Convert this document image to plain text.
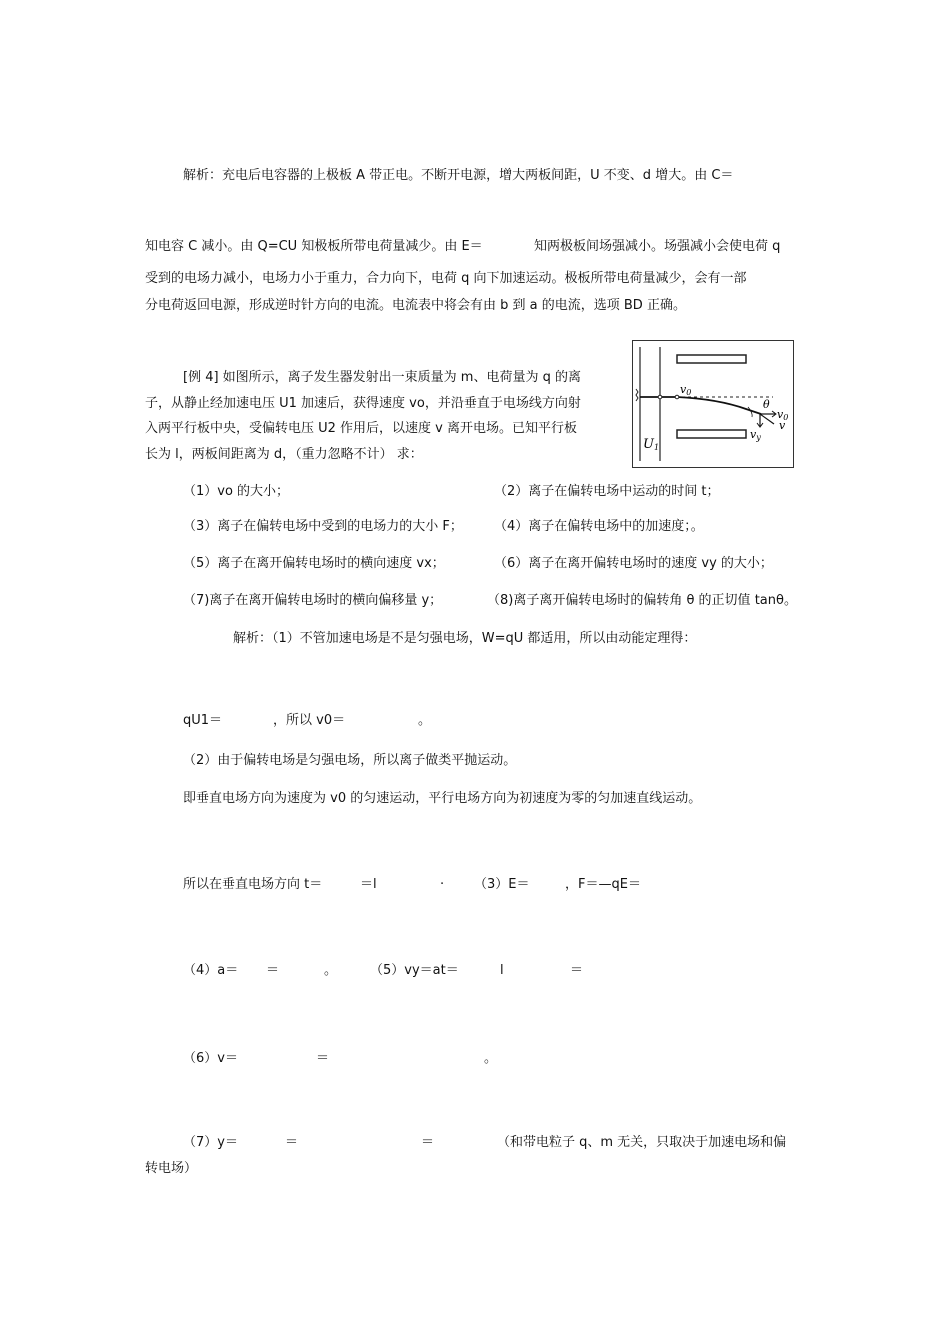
解析：充电后电容器的上极板 A 带正电。不断开电源，增大两板间距，U 不变、d 增大。由 C＝
知电容 C 减小。由 Q=CU 知极板所带电荷量减少。由 E＝	知两极板间场强减小。场强减小会使电荷 q
受到的电场力减小，电场力小于重力，合力向下，电荷 q 向下加速运动。极板所带电荷量减少，会有一部
分电荷返回电源，形成逆时针方向的电流。电流表中将会有由 b 到 a 的电流，选项 BD 正确。
[例 4] 如图所示，离子发生器发射出一束质量为 m、电荷量为 q 的离
子，从静止经加速电压 U1 加速后，获得速度 vo，并沿垂直于电场线方向射
入两平行板中央，受偏转电压 U2 作用后，以速度 v 离开电场。已知平行板
长为 l，两板间距离为 d，（重力忽略不计） 求：
v0
θ
v0
v
vy
U1
（1）vo 的大小；	（2）离子在偏转电场中运动的时间 t；
（3）离子在偏转电场中受到的电场力的大小 F； （4）离子在偏转电场中的加速度；。
（5）离子在离开偏转电场时的横向速度 vx；	（6）离子在离开偏转电场时的速度 vy 的大小；
（7)离子在离开偏转电场时的横向偏移量 y；	（8)离子离开偏转电场时的偏转角 θ 的正切值 tanθ。
解析：（1）不管加速电场是不是匀强电场，W=qU 都适用，所以由动能定理得：
qU1＝	，所以 v0＝	。
（2）由于偏转电场是匀强电场，所以离子做类平抛运动。
即垂直电场方向为速度为 v0 的匀速运动，平行电场方向为初速度为零的匀加速直线运动。
所以在垂直电场方向 t＝	＝l	· （3）E＝	，F＝—qE＝
（4）a＝ ＝	。	（5）vy＝at＝	l	＝
（6）v＝	＝	。
（7）y＝	＝	＝	（和带电粒子 q、m 无关，只取决于加速电场和偏
转电场）
